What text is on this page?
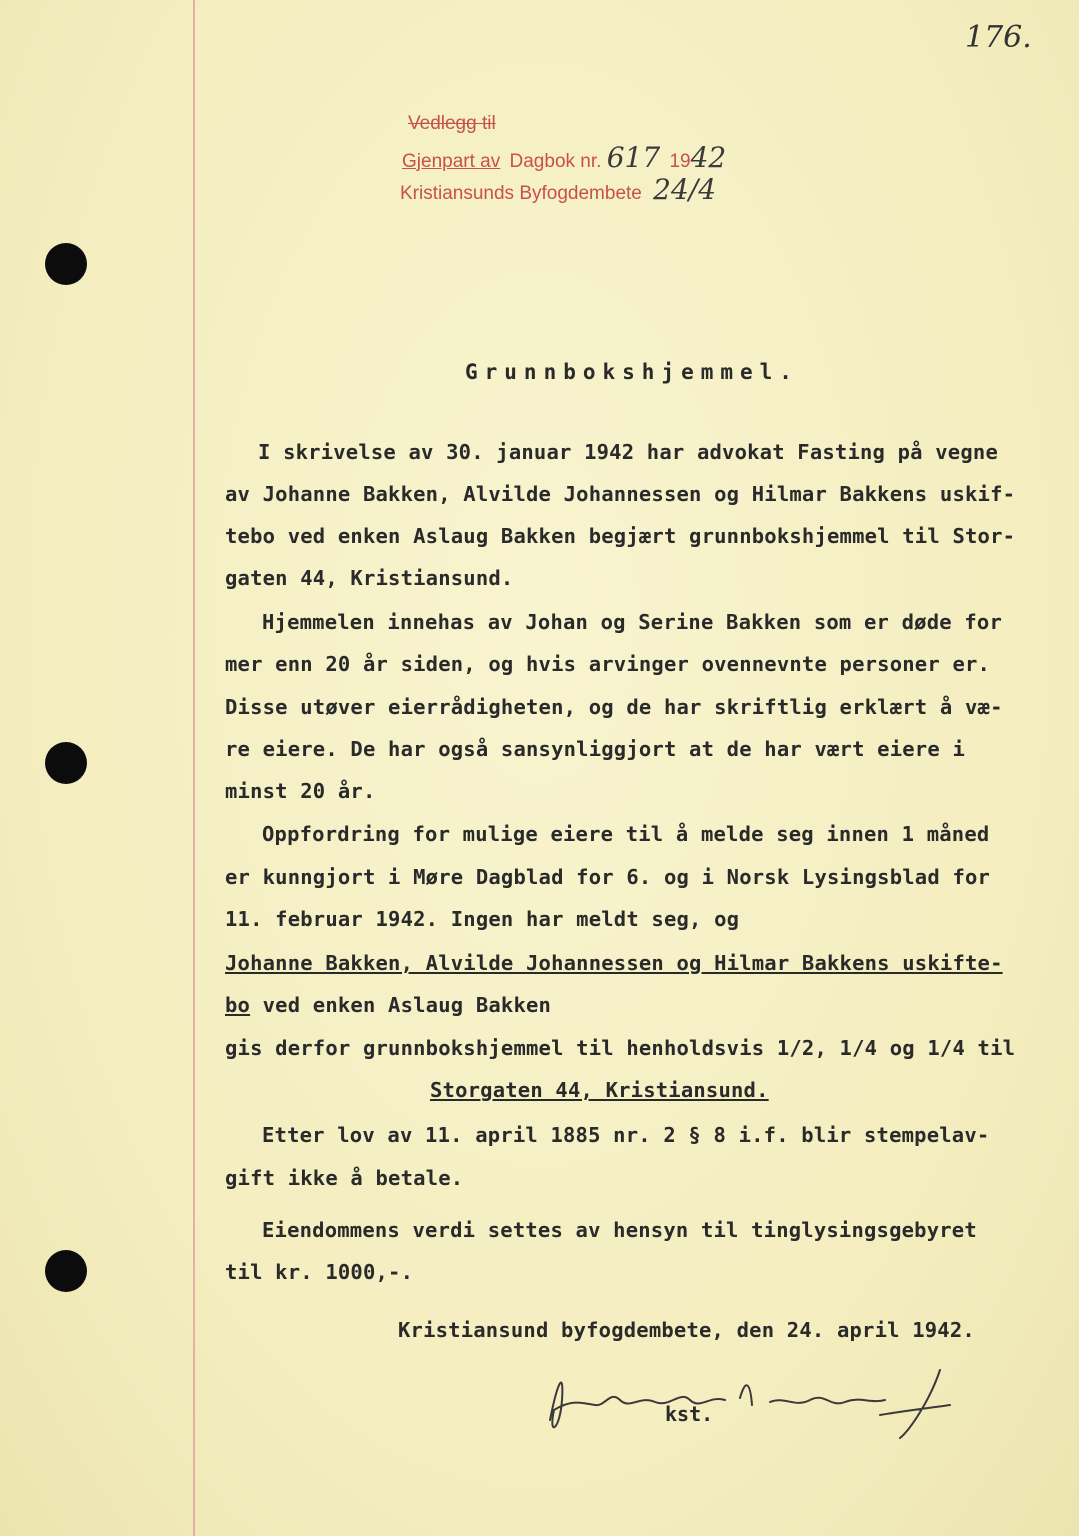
176.
Vedlegg til
Gjenpart av Dagbok nr. 617 1942
Kristiansunds Byfogdembete 24/4
Grunnbokshjemmel.
I skrivelse av 30. januar 1942 har advokat Fasting på vegne
av Johanne Bakken, Alvilde Johannessen og Hilmar Bakkens uskif-
tebo ved enken Aslaug Bakken begjært grunnbokshjemmel til Stor-
gaten 44, Kristiansund.
Hjemmelen innehas av Johan og Serine Bakken som er døde for
mer enn 20 år siden, og hvis arvinger ovennevnte personer er.
Disse utøver eierrådigheten, og de har skriftlig erklært å væ-
re eiere. De har også sansynliggjort at de har vært eiere i
minst 20 år.
Oppfordring for mulige eiere til å melde seg innen 1 måned
er kunngjort i Møre Dagblad for 6. og i Norsk Lysingsblad for
11. februar 1942. Ingen har meldt seg, og
Johanne Bakken, Alvilde Johannessen og Hilmar Bakkens uskifte-
bo ved enken Aslaug Bakken
gis derfor grunnbokshjemmel til henholdsvis 1/2, 1/4 og 1/4 til
Storgaten 44, Kristiansund.
Etter lov av 11. april 1885 nr. 2 § 8 i.f. blir stempelav-
gift ikke å betale.
Eiendommens verdi settes av hensyn til tinglysingsgebyret
til kr. 1000,-.
Kristiansund byfogdembete, den 24. april 1942.
kst.
